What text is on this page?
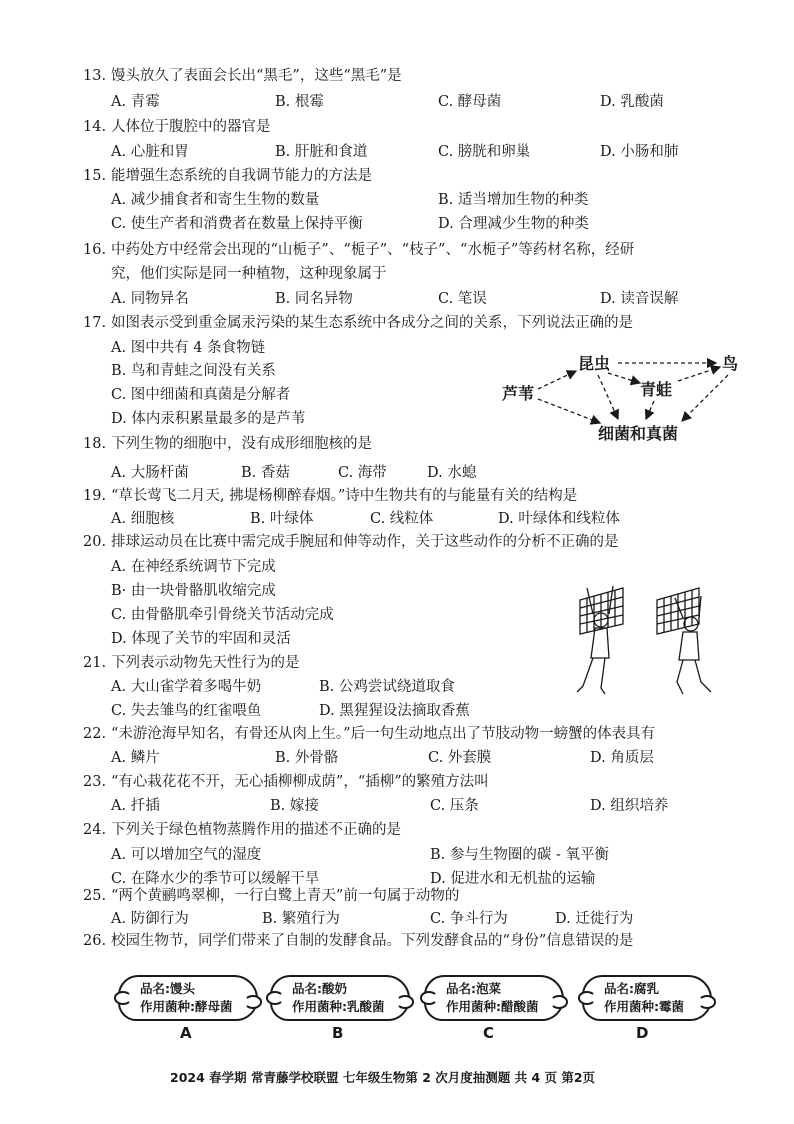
13. 馒头放久了表面会长出“黑毛”，这些“黑毛”是
A. 青霉	B. 根霉	C. 酵母菌	D. 乳酸菌
14. 人体位于腹腔中的器官是
A. 心脏和胃	B. 肝脏和食道	C. 膀胱和卵巢	D. 小肠和肺
15. 能增强生态系统的自我调节能力的方法是
A. 减少捕食者和寄生生物的数量	B. 适当增加生物的种类
C. 使生产者和消费者在数量上保持平衡	D. 合理减少生物的种类
16. 中药处方中经常会出现的“山栀子”、“栀子”、“枝子”、“水栀子”等药材名称，经研
究，他们实际是同一种植物，这种现象属于
A. 同物异名	B. 同名异物	C. 笔误	D. 读音误解
17. 如图表示受到重金属汞污染的某生态系统中各成分之间的关系，下列说法正确的是
A. 图中共有 4 条食物链
B. 鸟和青蛙之间没有关系
C. 图中细菌和真菌是分解者
D. 体内汞积累量最多的是芦苇
昆虫	鸟
芦苇	青蛙
细菌和真菌
18. 下列生物的细胞中，没有成形细胞核的是
A. 大肠杆菌	B. 香菇	C. 海带	D. 水螅
19. “草长莺飞二月天, 拂堤杨柳醉春烟。”诗中生物共有的与能量有关的结构是
A. 细胞核	B. 叶绿体	C. 线粒体	D. 叶绿体和线粒体
20. 排球运动员在比赛中需完成手腕屈和伸等动作，关于这些动作的分析不正确的是
A. 在神经系统调节下完成
B· 由一块骨骼肌收缩完成
C. 由骨骼肌牵引骨绕关节活动完成
D. 体现了关节的牢固和灵活
21. 下列表示动物先天性行为的是
A. 大山雀学着多喝牛奶	B. 公鸡尝试绕道取食
C. 失去雏鸟的红雀喂鱼	D. 黑猩猩设法摘取香蕉
22. “未游沧海早知名，有骨还从肉上生。”后一句生动地点出了节肢动物一螃蟹的体表具有
A. 鳞片	B. 外骨骼	C. 外套膜	D. 角质层
23. “有心栽花花不开，无心插柳柳成荫”，“插柳”的繁殖方法叫
A. 扦插	B. 嫁接	C. 压条	D. 组织培养
24. 下列关于绿色植物蒸腾作用的描述不正确的是
A. 可以增加空气的湿度	B. 参与生物圈的碳 - 氧平衡
C. 在降水少的季节可以缓解干旱	D. 促进水和无机盐的运输
25. “两个黄鹂鸣翠柳，一行白鹭上青天”前一句属于动物的
A. 防御行为	B. 繁殖行为	C. 争斗行为	D. 迁徙行为
26. 校园生物节，同学们带来了自制的发酵食品。下列发酵食品的“身份”信息错误的是
品名:馒头
作用菌种:酵母菌
A
品名:酸奶
作用菌种:乳酸菌
B
品名:泡菜
作用菌种:醋酸菌
C
品名:腐乳
作用菌种:霉菌
D
2024 春学期 常青藤学校联盟 七年级生物第 2 次月度抽测题 共 4 页 第2页
